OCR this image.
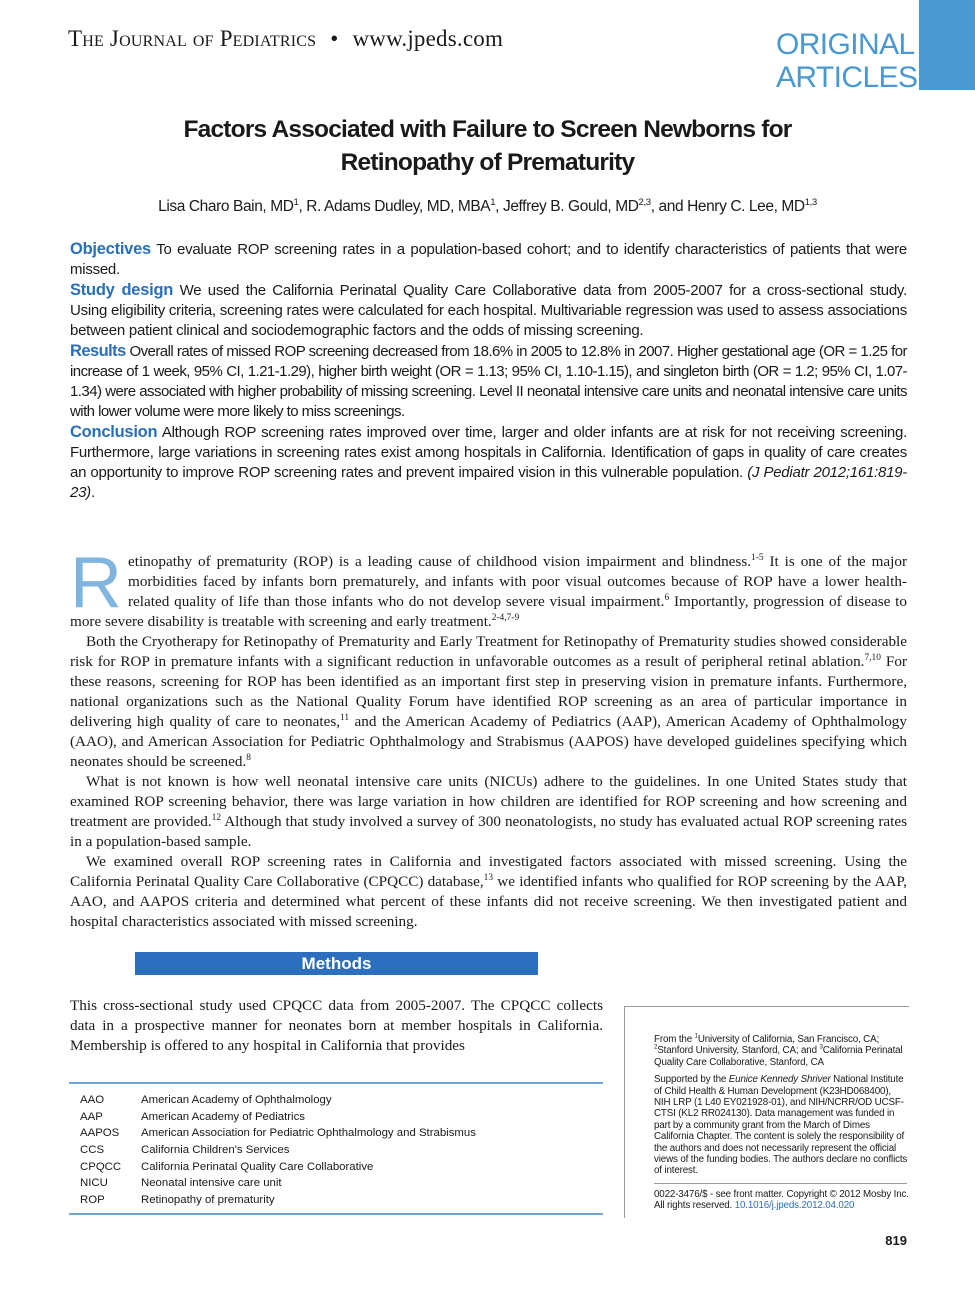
The Journal of Pediatrics • www.jpeds.com	ORIGINAL
ARTICLES
Factors Associated with Failure to Screen Newborns for
Retinopathy of Prematurity
Lisa Charo Bain, $MD^1$, R. Adams Dudley, MD, MBA$^1$, Jeffrey B. Gould, MD$^{2,3}$, and Henry C. Lee, MD$^{1,3}$

Objectives To evaluate ROP screening rates in a population-based cohort; and to identify characteristics of patients that were missed.

Study design We used the California Perinatal Quality Care Collaborative data from 2005-2007 for a cross-sectional study. Using eligibility criteria, screening rates were calculated for each hospital. Multivariable regression was used to assess associations between patient clinical and sociodemographic factors and the odds of missing screening.

Results Overall rates of missed ROP screening decreased from 18.6% in 2005 to 12.8% in 2007. Higher gestational age (OR = 1.25 for increase of 1 week, 95% CI, 1.21-1.29), higher birth weight (OR = 1.13; 95% CI, 1.10-1.15), and singleton birth (OR = 1.2; 95% CI, 1.07-1.34) were associated with higher probability of missing screening. Level II neonatal intensive care units and neonatal intensive care units with lower volume were more likely to miss screenings.

Conclusion Although ROP screening rates improved over time, larger and older infants are at risk for not receiving screening. Furthermore, large variations in screening rates exist among hospitals in California. Identification of gaps in quality of care creates an opportunity to improve ROP screening rates and prevent impaired vision in this vulnerable population. (J Pediatr 2012;161:819-23).

Retinopathy of prematurity (ROP) is a leading cause of childhood vision impairment and blindness.$^{1-5}$ It is one of the major morbidities faced by infants born prematurely, and infants with poor visual outcomes because of ROP have a lower health-related quality of life than those infants who do not develop severe visual impairment.$^6$ Importantly, progression of disease to more severe disability is treatable with screening and early treatment.$^{2-4,7-9}$

Both the Cryotherapy for Retinopathy of Prematurity and Early Treatment for Retinopathy of Prematurity studies showed considerable risk for ROP in premature infants with a significant reduction in unfavorable outcomes as a result of peripheral retinal ablation.$^{7,10}$ For these reasons, screening for ROP has been identified as an important first step in preserving vision in premature infants. Furthermore, national organizations such as the National Quality Forum have identified ROP screening as an area of particular importance in delivering high quality of care to neonates,$^{11}$ and the American Academy of Pediatrics (AAP), American Academy of Ophthalmology (AAO), and American Association for Pediatric Ophthalmology and Strabismus (AAPOS) have developed guidelines specifying which neonates should be screened.$^8$

What is not known is how well neonatal intensive care units (NICUs) adhere to the guidelines. In one United States study that examined ROP screening behavior, there was large variation in how children are identified for ROP screening and how screening and treatment are provided.$^{12}$ Although that study involved a survey of 300 neonatologists, no study has evaluated actual ROP screening rates in a population-based sample.

We examined overall ROP screening rates in California and investigated factors associated with missed screening. Using the California Perinatal Quality Care Collaborative (CPQCC) database,$^{13}$ we identified infants who qualified for ROP screening by the AAP, AAO, and AAPOS criteria and determined what percent of these infants did not receive screening. We then investigated patient and hospital characteristics associated with missed screening.

Methods
This cross-sectional study used CPQCC data from 2005-2007. The CPQCC collects data in a prospective manner for neonates born at member hospitals in California. Membership is offered to any hospital in California that provides
AAO	American Academy of Ophthalmology
AAP	American Academy of Pediatrics
AAPOS	American Association for Pediatric Ophthalmology and Strabismus
CCS	California Children's Services
CPQCC	California Perinatal Quality Care Collaborative
NICU	Neonatal intensive care unit
ROP	Retinopathy of prematurity

From the $^1$University of California, San Francisco, CA; $^2$Stanford University, Stanford, CA; and $^3$California Perinatal Quality Care Collaborative, Stanford, CA

Supported by the Eunice Kennedy Shriver National Institute of Child Health & Human Development (K23HD068400), NIH LRP (1 L40 EY021928-01), and NIH/NCRR/OD UCSF-CTSI (KL2 RR024130). Data management was funded in part by a community grant from the March of Dimes California Chapter. The content is solely the responsibility of the authors and does not necessarily represent the official views of the funding bodies. The authors declare no conflicts of interest.

0022-3476/$ - see front matter. Copyright © 2012 Mosby Inc.
All rights reserved. 10.1016/j.jpeds.2012.04.020
819
